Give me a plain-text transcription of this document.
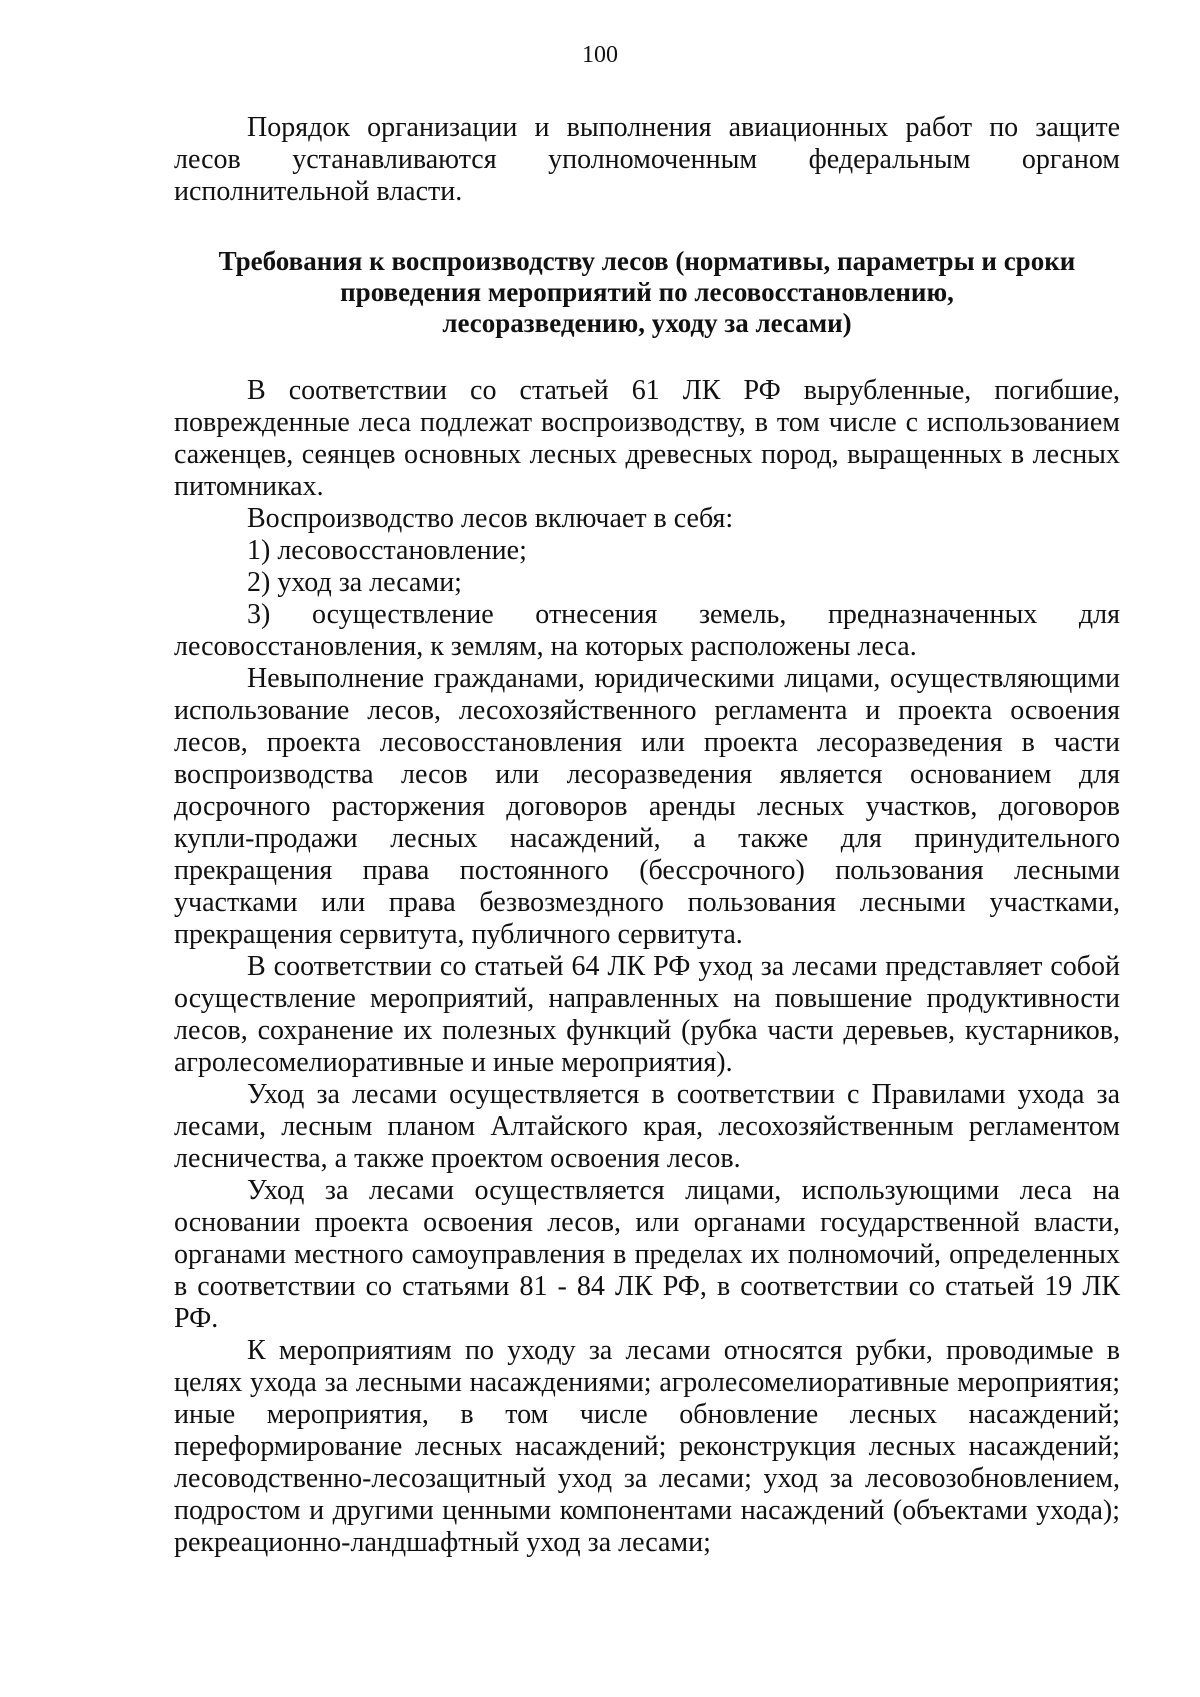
100

Порядок организации и выполнения авиационных работ по защите лесов устанавливаются уполномоченным федеральным органом исполнительной власти.

Требования к воспроизводству лесов (нормативы, параметры и сроки
проведения мероприятий по лесовосстановлению,
лесоразведению, уходу за лесами)

В соответствии со статьей 61 ЛК РФ вырубленные, погибшие, поврежденные леса подлежат воспроизводству, в том числе с использованием саженцев, сеянцев основных лесных древесных пород, выращенных в лесных питомниках.

Воспроизводство лесов включает в себя:

1) лесовосстановление;

2) уход за лесами;

3) осуществление отнесения земель, предназначенных для лесовосстановления, к землям, на которых расположены леса.

Невыполнение гражданами, юридическими лицами, осуществляющими использование лесов, лесохозяйственного регламента и проекта освоения лесов, проекта лесовосстановления или проекта лесоразведения в части воспроизводства лесов или лесоразведения является основанием для досрочного расторжения договоров аренды лесных участков, договоров купли-продажи лесных насаждений, а также для принудительного прекращения права постоянного (бессрочного) пользования лесными участками или права безвозмездного пользования лесными участками, прекращения сервитута, публичного сервитута.

В соответствии со статьей 64 ЛК РФ уход за лесами представляет собой осуществление мероприятий, направленных на повышение продуктивности лесов, сохранение их полезных функций (рубка части деревьев, кустарников, агролесомелиоративные и иные мероприятия).

Уход за лесами осуществляется в соответствии с Правилами ухода за лесами, лесным планом Алтайского края, лесохозяйственным регламентом лесничества, а также проектом освоения лесов.

Уход за лесами осуществляется лицами, использующими леса на основании проекта освоения лесов, или органами государственной власти, органами местного самоуправления в пределах их полномочий, определенных в соответствии со статьями 81 - 84 ЛК РФ, в соответствии со статьей 19 ЛК РФ.

К мероприятиям по уходу за лесами относятся рубки, проводимые в целях ухода за лесными насаждениями; агролесомелиоративные мероприятия; иные мероприятия, в том числе обновление лесных насаждений; переформирование лесных насаждений; реконструкция лесных насаждений; лесоводственно-лесозащитный уход за лесами; уход за лесовозобновлением, подростом и другими ценными компонентами насаждений (объектами ухода); рекреационно-ландшафтный уход за лесами;
